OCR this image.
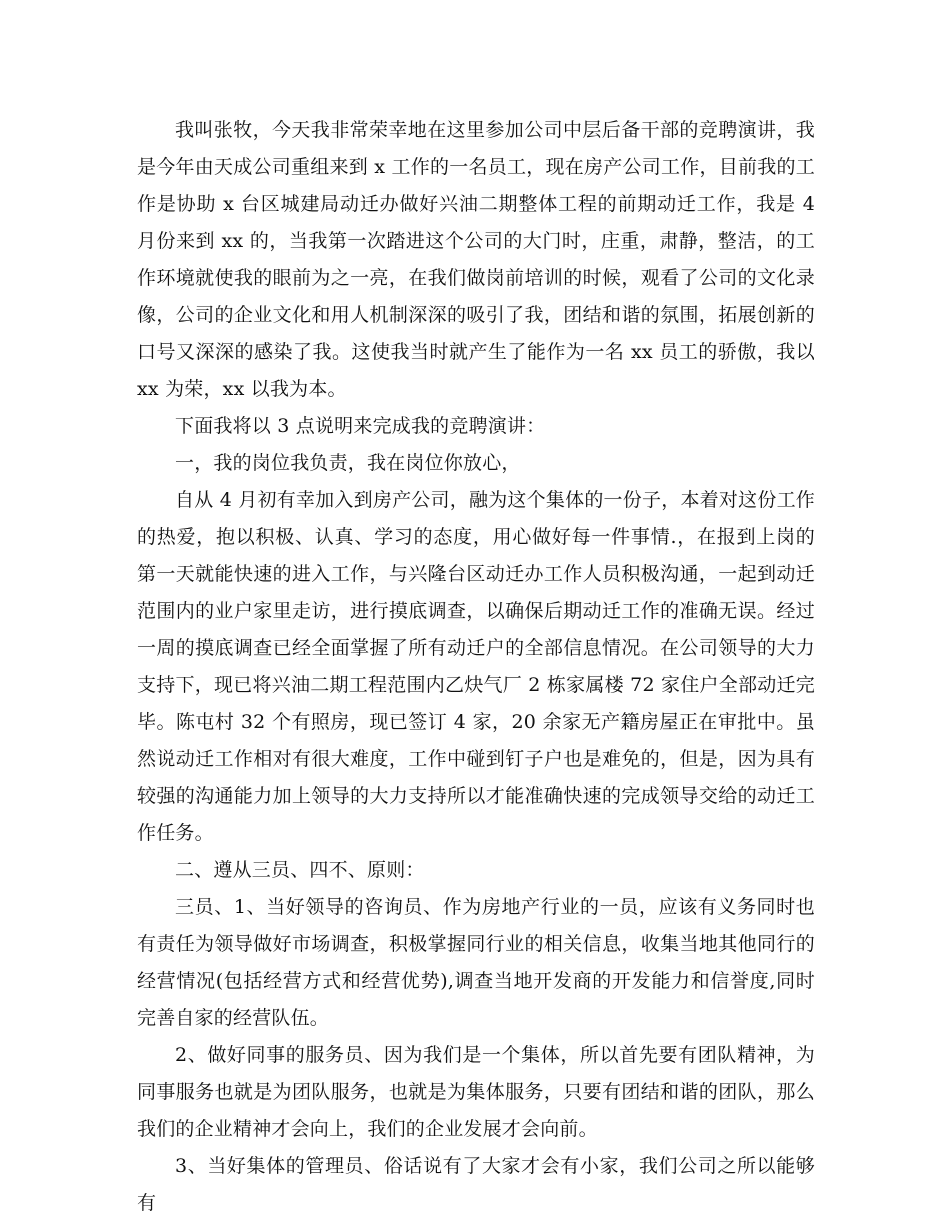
我叫张牧，今天我非常荣幸地在这里参加公司中层后备干部的竞聘演讲，我是今年由天成公司重组来到 x 工作的一名员工，现在房产公司工作，目前我的工作是协助 x 台区城建局动迁办做好兴油二期整体工程的前期动迁工作，我是 4 月份来到 xx 的，当我第一次踏进这个公司的大门时，庄重，肃静，整洁，的工作环境就使我的眼前为之一亮，在我们做岗前培训的时候，观看了公司的文化录像，公司的企业文化和用人机制深深的吸引了我，团结和谐的氛围，拓展创新的口号又深深的感染了我。这使我当时就产生了能作为一名 xx 员工的骄傲，我以 xx 为荣，xx 以我为本。

下面我将以 3 点说明来完成我的竞聘演讲：

一，我的岗位我负责，我在岗位你放心，

自从 4 月初有幸加入到房产公司，融为这个集体的一份子，本着对这份工作的热爱，抱以积极、认真、学习的态度，用心做好每一件事情.，在报到上岗的第一天就能快速的进入工作，与兴隆台区动迁办工作人员积极沟通，一起到动迁范围内的业户家里走访，进行摸底调查，以确保后期动迁工作的准确无误。经过一周的摸底调查已经全面掌握了所有动迁户的全部信息情况。在公司领导的大力支持下，现已将兴油二期工程范围内乙炔气厂 2 栋家属楼 72 家住户全部动迁完毕。陈屯村 32 个有照房，现已签订 4 家，20 余家无产籍房屋正在审批中。虽然说动迁工作相对有很大难度，工作中碰到钉子户也是难免的，但是，因为具有较强的沟通能力加上领导的大力支持所以才能准确快速的完成领导交给的动迁工作任务。

二、遵从三员、四不、原则：

三员、1、当好领导的咨询员、作为房地产行业的一员，应该有义务同时也有责任为领导做好市场调查，积极掌握同行业的相关信息，收集当地其他同行的经营情况(包括经营方式和经营优势),调查当地开发商的开发能力和信誉度,同时完善自家的经营队伍。

2、做好同事的服务员、因为我们是一个集体，所以首先要有团队精神，为同事服务也就是为团队服务，也就是为集体服务，只要有团结和谐的团队，那么我们的企业精神才会向上，我们的企业发展才会向前。

3、当好集体的管理员、俗话说有了大家才会有小家，我们公司之所以能够有
